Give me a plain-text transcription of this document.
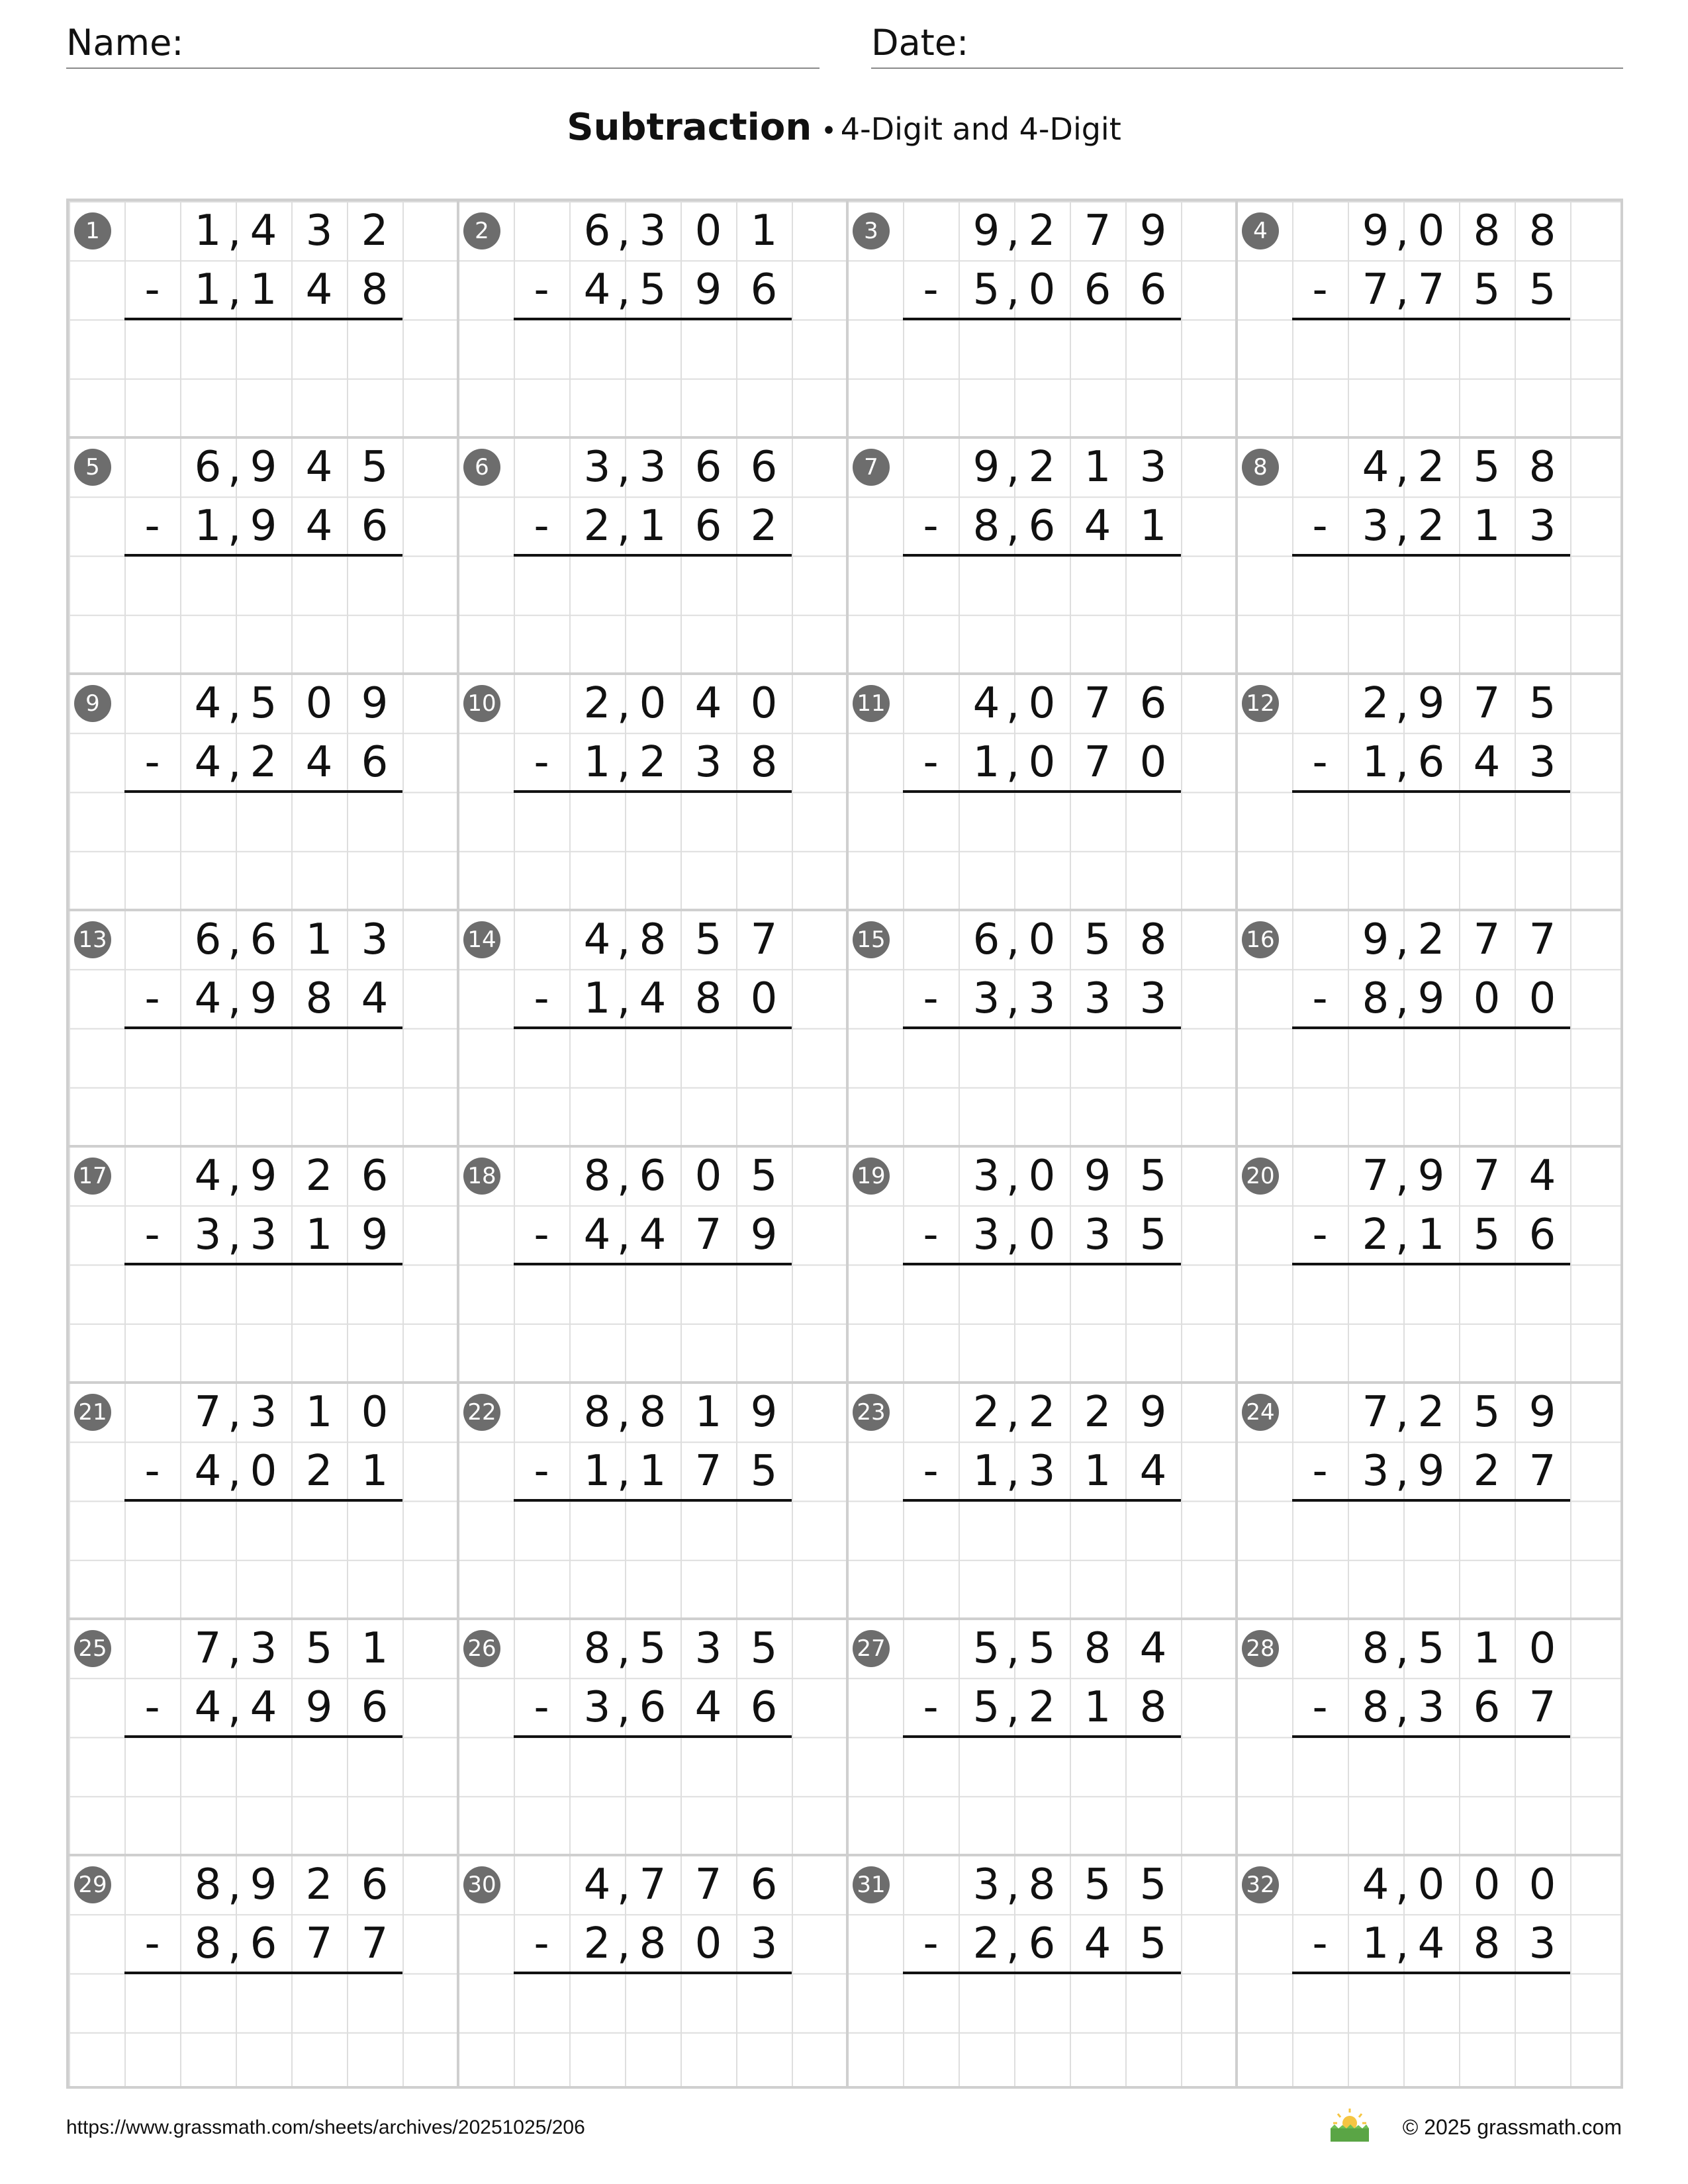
Name:	Date:
Subtraction • 4-Digit and 4-Digit
1	1 4 3 2
,
1 1 4 8
,
-
2	6 3 0 1
,
4 5 9 6
,
-
3	9 2 7 9
,
5 0 6 6
,
-
4	9 0 8 8
,
7 7 5 5
,
-
5	6 9 4 5
,
1 9 4 6
,
-
6	3 3 6 6
,
2 1 6 2
,
-
7	9 2 1 3
,
8 6 4 1
,
-
8	4 2 5 8
,
3 2 1 3
,
-
9	4 5 0 9
,
4 2 4 6
,
-
10	2 0 4 0
,
1 2 3 8
,
-
11	4 0 7 6
,
1 0 7 0
,
-
12	2 9 7 5
,
1 6 4 3
,
-
13	6 6 1 3
,
4 9 8 4
,
-
14	4 8 5 7
,
1 4 8 0
,
-
15	6 0 5 8
,
3 3 3 3
,
-
16	9 2 7 7
,
8 9 0 0
,
-
17	4 9 2 6
,
3 3 1 9
,
-
18	8 6 0 5
,
4 4 7 9
,
-
19	3 0 9 5
,
3 0 3 5
,
-
20	7 9 7 4
,
2 1 5 6
,
-
21	7 3 1 0
,
4 0 2 1
,
-
22	8 8 1 9
,
1 1 7 5
,
-
23	2 2 2 9
,
1 3 1 4
,
-
24	7 2 5 9
,
3 9 2 7
,
-
25	7 3 5 1
,
4 4 9 6
,
-
26	8 5 3 5
,
3 6 4 6
,
-
27	5 5 8 4
,
5 2 1 8
,
-
28	8 5 1 0
,
8 3 6 7
,
-
29	8 9 2 6
,
8 6 7 7
,
-
30	4 7 7 6
,
2 8 0 3
,
-
31	3 8 5 5
,
2 6 4 5
,
-
32	4 0 0 0
,
1 4 8 3
,
-
https://www.grassmath.com/sheets/archives/20251025/206	© 2025 grassmath.com
